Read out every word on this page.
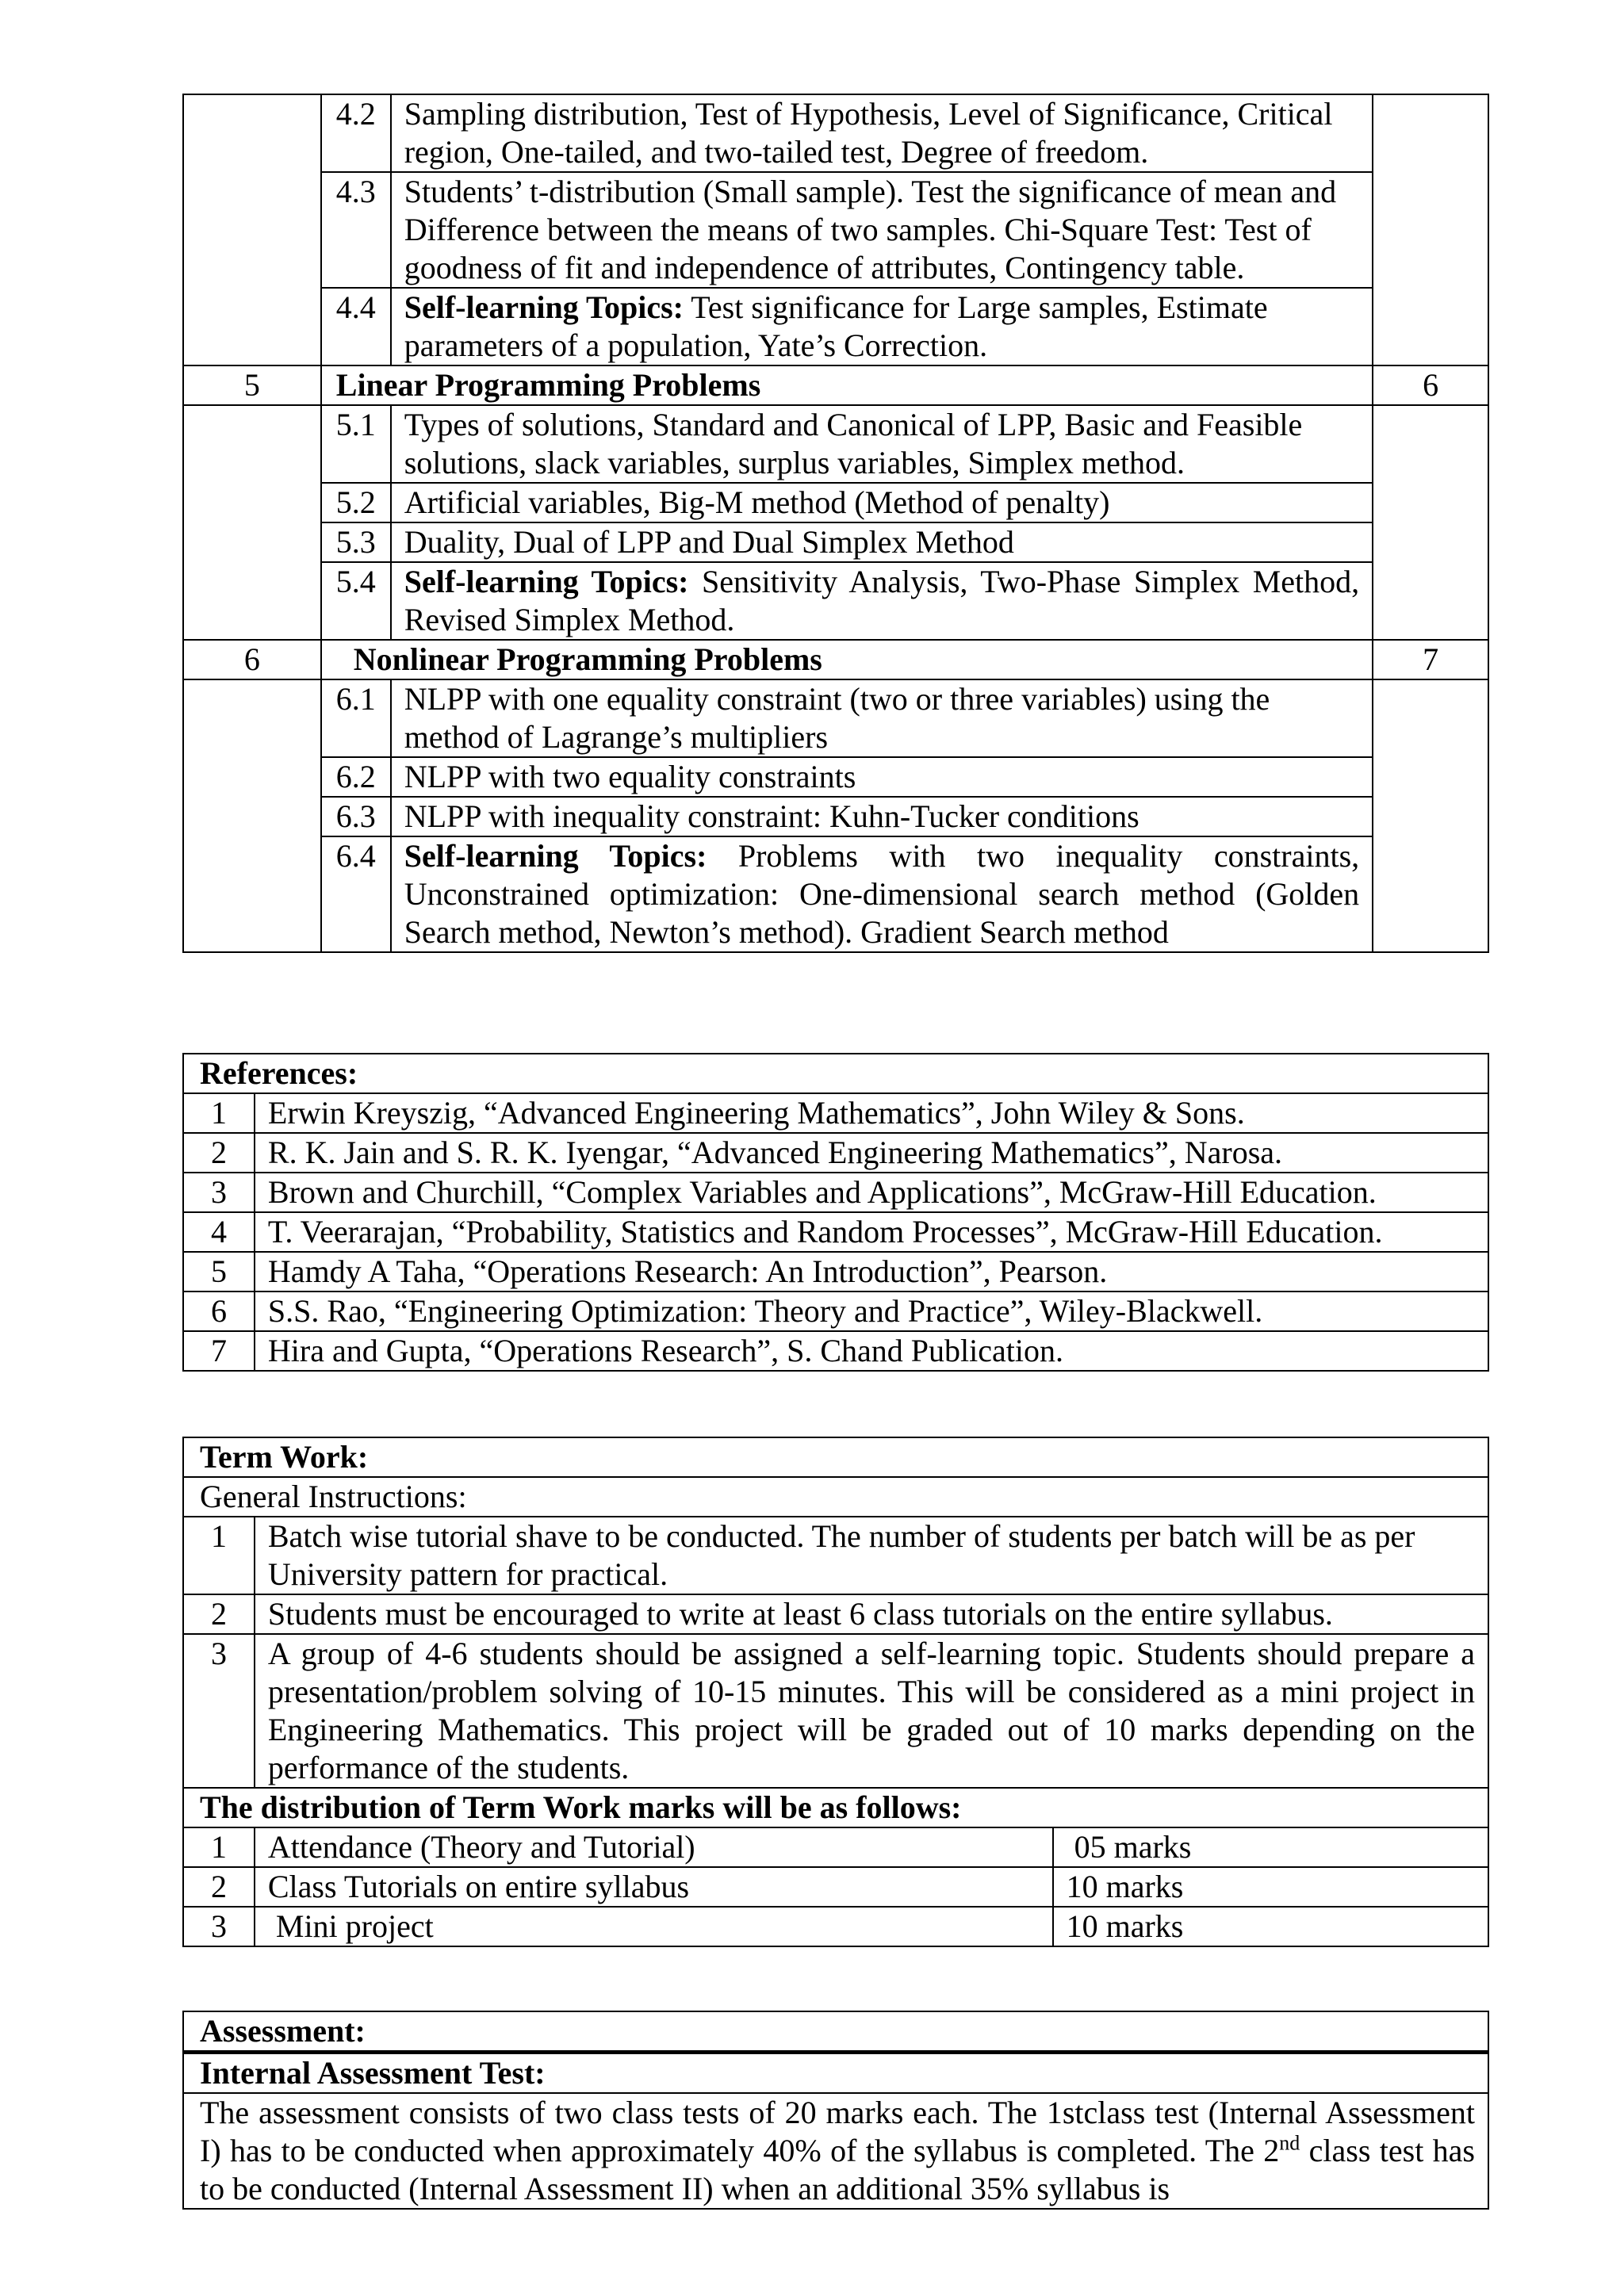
	4.2	Sampling distribution, Test of Hypothesis, Level of Significance, Critical region, One-tailed, and two-tailed test, Degree of freedom.	
	4.3	Students’ t-distribution (Small sample). Test the significance of mean and Difference between the means of two samples. Chi-Square Test: Test of goodness of fit and independence of attributes, Contingency table.	
	4.4	Self-learning Topics: Test significance for Large samples, Estimate parameters of a population, Yate’s Correction.	
5	Linear Programming Problems		6
	5.1	Types of solutions, Standard and Canonical of LPP, Basic and Feasible solutions, slack variables, surplus variables, Simplex method.	
	5.2	Artificial variables, Big-M method (Method of penalty)	
	5.3	Duality, Dual of LPP and Dual Simplex Method	
	5.4	Self-learning Topics: Sensitivity Analysis, Two-Phase Simplex Method, Revised Simplex Method.	
6	Nonlinear Programming Problems		7
	6.1	NLPP with one equality constraint (two or three variables) using the method of Lagrange’s multipliers	
	6.2	NLPP with two equality constraints	
	6.3	NLPP with inequality constraint: Kuhn-Tucker conditions	
	6.4	Self-learning Topics: Problems with two inequality constraints, Unconstrained optimization: One-dimensional search method (Golden Search method, Newton’s method). Gradient Search method	
References:	
1	Erwin Kreyszig, “Advanced Engineering Mathematics”, John Wiley & Sons.
2	R. K. Jain and S. R. K. Iyengar, “Advanced Engineering Mathematics”, Narosa.
3	Brown and Churchill, “Complex Variables and Applications”, McGraw-Hill Education.
4	T. Veerarajan, “Probability, Statistics and Random Processes”, McGraw-Hill Education.
5	Hamdy A Taha, “Operations Research: An Introduction”, Pearson.
6	S.S. Rao, “Engineering Optimization: Theory and Practice”, Wiley-Blackwell.
7	Hira and Gupta, “Operations Research”, S. Chand Publication.
Term Work:		
General Instructions:		
1	Batch wise tutorial shave to be conducted. The number of students per batch will be as per University pattern for practical.	
2	Students must be encouraged to write at least 6 class tutorials on the entire syllabus.	
3	A group of 4-6 students should be assigned a self-learning topic. Students should prepare a presentation/problem solving of 10-15 minutes. This will be considered as a mini project in Engineering Mathematics. This project will be graded out of 10 marks depending on the performance of the students.	
The distribution of Term Work marks will be as follows:		
1	Attendance (Theory and Tutorial)	05 marks
2	Class Tutorials on entire syllabus	10 marks
3	Mini project	10 marks
Assessment:
Internal Assessment Test:
The assessment consists of two class tests of 20 marks each. The 1stclass test (Internal Assessment I) has to be conducted when approximately 40% of the syllabus is completed. The 2nd class test has to be conducted (Internal Assessment II) when an additional 35% syllabus is
